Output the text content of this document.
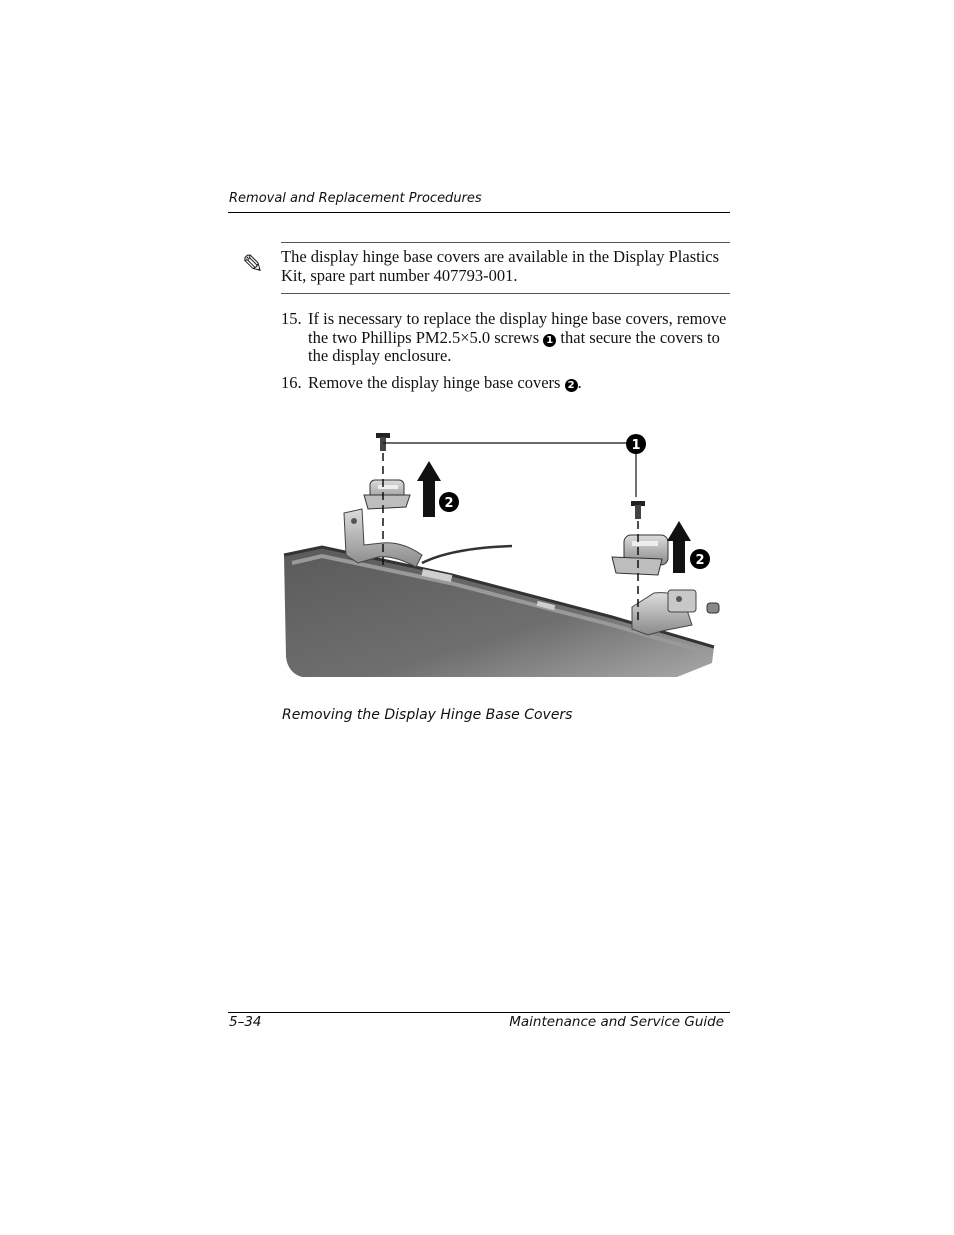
Removal and Replacement Procedures
✎ The display hinge base covers are available in the Display Plastics Kit, spare part number 407793-001.
15. If is necessary to replace the display hinge base covers, remove the two Phillips PM2.5×5.0 screws 1 that secure the covers to the display enclosure.
16. Remove the display hinge base covers 2 .
1
2
2
Removing the Display Hinge Base Covers
5–34	Maintenance and Service Guide
